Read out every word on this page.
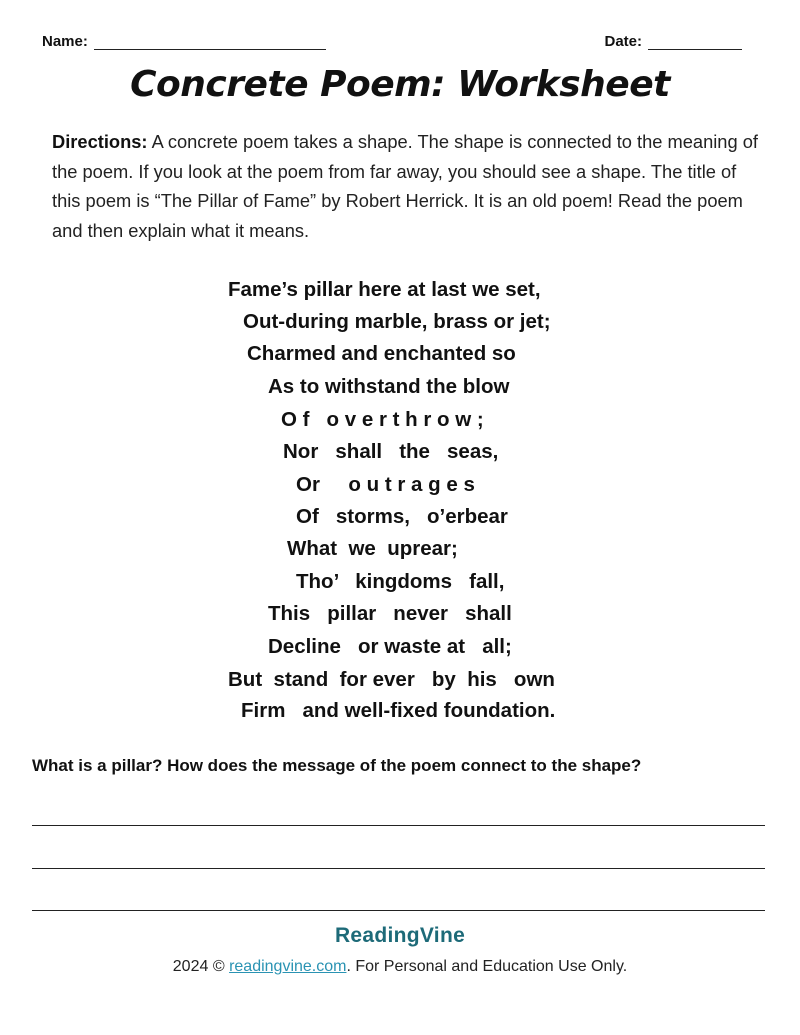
Name:	Date:
Concrete Poem: Worksheet
Directions: A concrete poem takes a shape. The shape is connected to the meaning of the poem. If you look at the poem from far away, you should see a shape. The title of this poem is “The Pillar of Fame” by Robert Herrick. It is an old poem! Read the poem and then explain what it means.
Fame’s pillar here at last we set,
Out-during marble, brass or jet;
Charmed and enchanted so
As to withstand the blow
O f   o v e r t h r o w ;
Nor   shall   the   seas,
Or     o u t r a g e s
Of   storms,   o’erbear
What  we  uprear;
Tho’   kingdoms   fall,
This   pillar   never   shall
Decline   or waste at   all;
But  stand  for ever   by  his   own
Firm   and well-fixed foundation.
What is a pillar? How does the message of the poem connect to the shape?
ReadingVine
2024 © readingvine.com. For Personal and Education Use Only.
